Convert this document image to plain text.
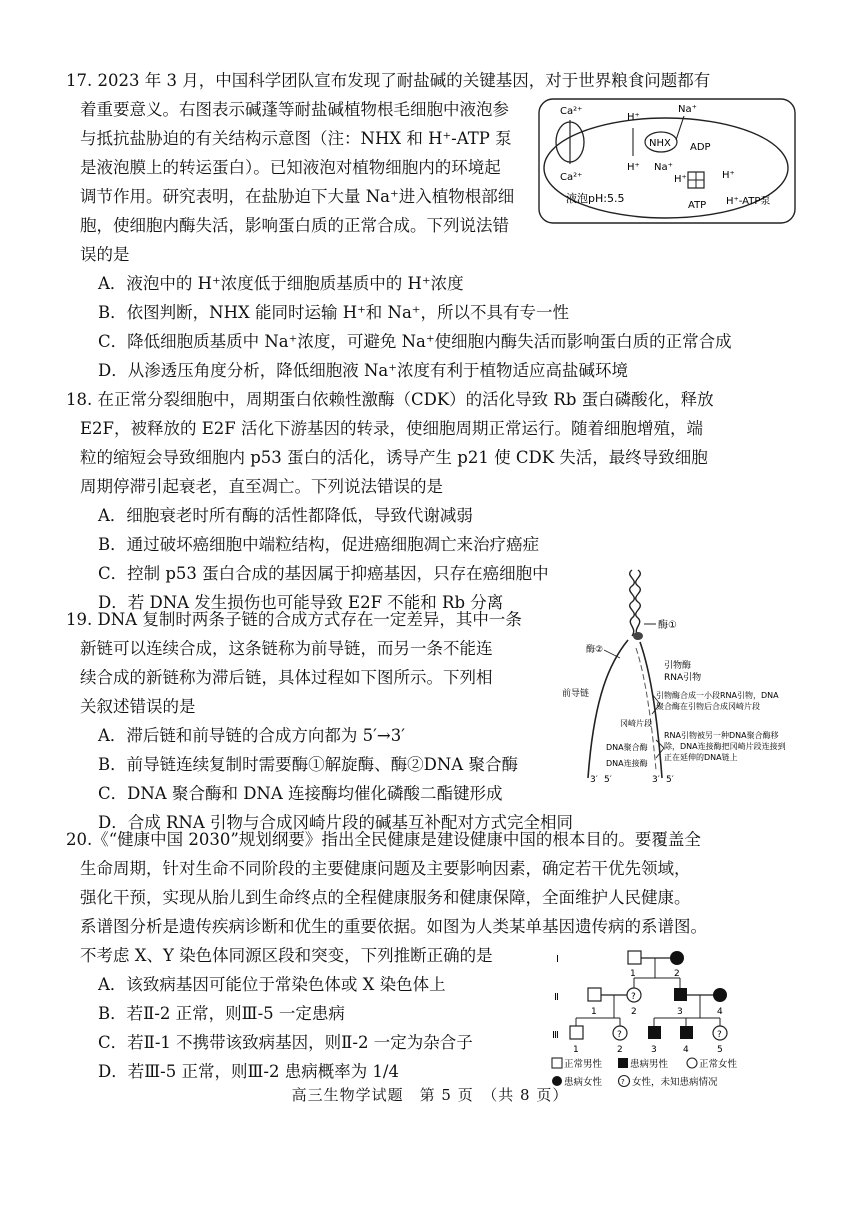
17. 2023 年 3 月，中国科学团队宣布发现了耐盐碱的关键基因，对于世界粮食问题都有
着重要意义。右图表示碱蓬等耐盐碱植物根毛细胞中液泡参
与抵抗盐胁迫的有关结构示意图（注：NHX 和 H⁺-ATP 泵
是液泡膜上的转运蛋白）。已知液泡对植物细胞内的环境起
调节作用。研究表明，在盐胁迫下大量 Na⁺进入植物根部细
胞，使细胞内酶失活，影响蛋白质的正常合成。下列说法错
误的是
A．液泡中的 H⁺浓度低于细胞质基质中的 H⁺浓度
B．依图判断，NHX 能同时运输 H⁺和 Na⁺，所以不具有专一性
C．降低细胞质基质中 Na⁺浓度，可避免 Na⁺使细胞内酶失活而影响蛋白质的正常合成
D．从渗透压角度分析，降低细胞液 Na⁺浓度有利于植物适应高盐碱环境
Ca²⁺
Ca²⁺
H⁺
H⁺
NHX
Na⁺
Na⁺
ADP
H⁺	H⁺
ATP
液泡pH:5.5	H⁺-ATP泵
18. 在正常分裂细胞中，周期蛋白依赖性激酶（CDK）的活化导致 Rb 蛋白磷酸化，释放
E2F，被释放的 E2F 活化下游基因的转录，使细胞周期正常运行。随着细胞增殖，端
粒的缩短会导致细胞内 p53 蛋白的活化，诱导产生 p21 使 CDK 失活，最终导致细胞
周期停滞引起衰老，直至凋亡。下列说法错误的是
A．细胞衰老时所有酶的活性都降低，导致代谢减弱
B．通过破坏癌细胞中端粒结构，促进癌细胞凋亡来治疗癌症
C．控制 p53 蛋白合成的基因属于抑癌基因，只存在癌细胞中
D．若 DNA 发生损伤也可能导致 E2F 不能和 Rb 分离
19. DNA 复制时两条子链的合成方式存在一定差异，其中一条
新链可以连续合成，这条链称为前导链，而另一条不能连
续合成的新链称为滞后链，具体过程如下图所示。下列相
关叙述错误的是
A．滞后链和前导链的合成方向都为 5′→3′
B．前导链连续复制时需要酶①解旋酶、酶②DNA 聚合酶
C．DNA 聚合酶和 DNA 连接酶均催化磷酸二酯键形成
D．合成 RNA 引物与合成冈崎片段的碱基互补配对方式完全相同
酶①
酶②
引物酶
RNA引物
前导链
冈崎片段
DNA聚合酶
DNA连接酶
引物酶合成一小段RNA引物，DNA
聚合酶在引物后合成冈崎片段
RNA引物被另一种DNA聚合酶移
除，DNA连接酶把冈崎片段连接到
正在延伸的DNA链上
3′ 5′	3′ 5′
20.《“健康中国 2030”规划纲要》指出全民健康是建设健康中国的根本目的。要覆盖全
生命周期，针对生命不同阶段的主要健康问题及主要影响因素，确定若干优先领域，
强化干预，实现从胎儿到生命终点的全程健康服务和健康保障，全面维护人民健康。
系谱图分析是遗传疾病诊断和优生的重要依据。如图为人类某单基因遗传病的系谱图。
不考虑 X、Y 染色体同源区段和突变，下列推断正确的是
A．该致病基因可能位于常染色体或 X 染色体上
B．若Ⅱ-2 正常，则Ⅲ-5 一定患病
C．若Ⅱ-1 不携带该致病基因，则Ⅱ-2 一定为杂合子
D．若Ⅲ-5 正常，则Ⅲ-2 患病概率为 1/4
Ⅰ
Ⅱ
Ⅲ
1	2
?
1	2	3	4
?	?
1	2	3	4	5
正常男性	患病男性	正常女性
患病女性	? 女性，未知患病情况
高三生物学试题　第 5 页　（共 8 页）
